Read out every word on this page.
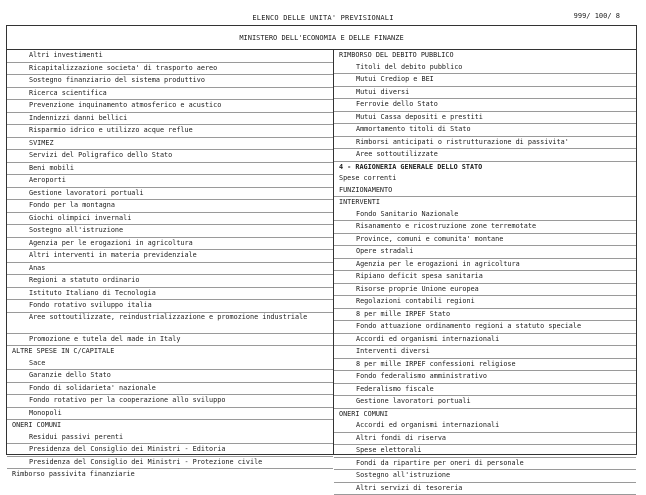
ELENCO DELLE UNITA' PREVISIONALI	999/ 100/ 8
MINISTERO DELL'ECONOMIA E DELLE FINANZE
Altri investimenti
Ricapitalizzazione societa' di trasporto aereo
Sostegno finanziario del sistema produttivo
Ricerca scientifica
Prevenzione inquinamento atmosferico e acustico
Indennizzi danni bellici
Risparmio idrico e utilizzo acque reflue
SVIMEZ
Servizi del Poligrafico dello Stato
Beni mobili
Aeroporti
Gestione lavoratori portuali
Fondo per la montagna
Giochi olimpici invernali
Sostegno all'istruzione
Agenzia per le erogazioni in agricoltura
Altri interventi in materia previdenziale
Anas
Regioni a statuto ordinario
Istituto Italiano di Tecnologia
Fondo rotativo sviluppo italia
Aree sottoutilizzate, reindustrializzazione e promozione industriale
Promozione e tutela del made in Italy
ALTRE SPESE IN C/CAPITALE
Sace
Garanzie dello Stato
Fondo di solidarieta' nazionale
Fondo rotativo per la cooperazione allo sviluppo
Monopoli
ONERI COMUNI
Residui passivi perenti
Presidenza del Consiglio dei Ministri - Editoria
Presidenza del Consiglio dei Ministri - Protezione civile
Rimborso passivita finanziarie
RIMBORSO DEL DEBITO PUBBLICO
Titoli del debito pubblico
Mutui Crediop e BEI
Mutui diversi
Ferrovie dello Stato
Mutui Cassa depositi e prestiti
Ammortamento titoli di Stato
Rimborsi anticipati o ristrutturazione di passivita'
Aree sottoutilizzate
4 - RAGIONERIA GENERALE DELLO STATO
Spese correnti
FUNZIONAMENTO
INTERVENTI
Fondo Sanitario Nazionale
Risanamento e ricostruzione zone terremotate
Province, comuni e comunita' montane
Opere stradali
Agenzia per le erogazioni in agricoltura
Ripiano deficit spesa sanitaria
Risorse proprie Unione europea
Regolazioni contabili regioni
8 per mille IRPEF Stato
Fondo attuazione ordinamento regioni a statuto speciale
Accordi ed organismi internazionali
Interventi diversi
8 per mille IRPEF confessioni religiose
Fondo federalismo amministrativo
Federalismo fiscale
Gestione lavoratori portuali
ONERI COMUNI
Accordi ed organismi internazionali
Altri fondi di riserva
Spese elettorali
Fondi da ripartire per oneri di personale
Sostegno all'istruzione
Altri servizi di tesoreria
